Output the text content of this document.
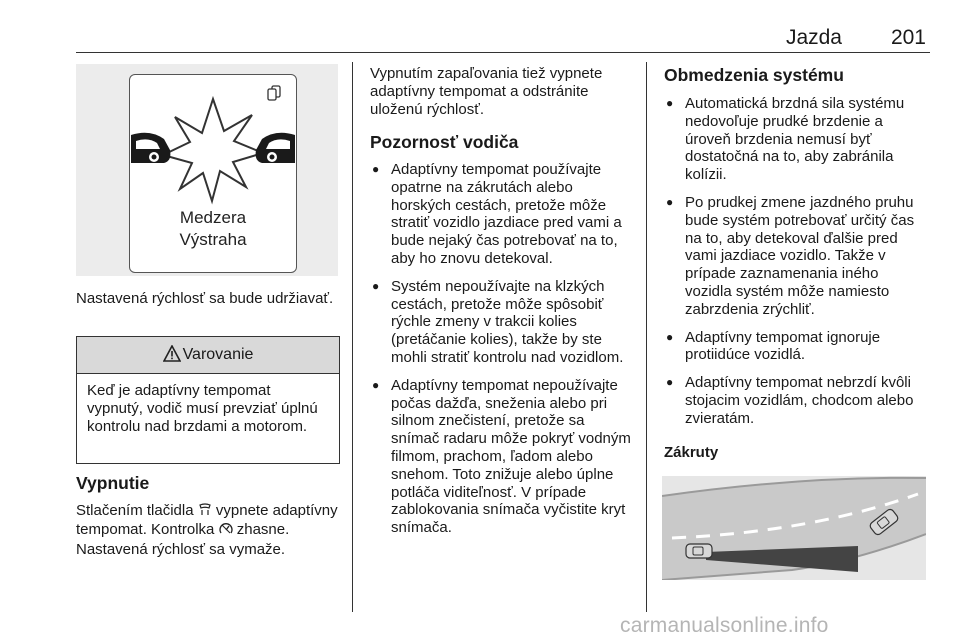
Jazda 201
Medzera
Výstraha
Nastavená rýchlosť sa bude udržiavať.
Varovanie
Keď je adaptívny tempomat vypnutý, vodič musí prevziať úplnú kontrolu nad brzdami a motorom.
Vypnutie
Stlačením tlačidla  vypnete adaptívny tempomat. Kontrolka  zhasne. Nastavená rýchlosť sa vymaže.
Vypnutím zapaľovania tiež vypnete adaptívny tempomat a odstránite uloženú rýchlosť.
Pozornosť vodiča
● Adaptívny tempomat používajte opatrne na zákrutách alebo horských cestách, pretože môže stratiť vozidlo jazdiace pred vami a bude nejaký čas potrebovať na to, aby ho znovu detekoval.
● Systém nepoužívajte na klzkých cestách, pretože môže spôsobiť rýchle zmeny v trakcii kolies (pretáčanie kolies), takže by ste mohli stratiť kontrolu nad vozidlom.
● Adaptívny tempomat nepoužívajte počas dažďa, sneženia alebo pri silnom znečistení, pretože sa snímač radaru môže pokryť vodným filmom, prachom, ľadom alebo snehom. Toto znižuje alebo úplne potláča viditeľnosť. V prípade zablokovania snímača vyčistite kryt snímača.
Obmedzenia systému
● Automatická brzdná sila systému nedovoľuje prudké brzdenie a úroveň brzdenia nemusí byť dostatočná na to, aby zabránila kolízii.
● Po prudkej zmene jazdného pruhu bude systém potrebovať určitý čas na to, aby detekoval ďalšie pred vami jazdiace vozidlo. Takže v prípade zaznamenania iného vozidla systém môže namiesto zabrzdenia zrýchliť.
● Adaptívny tempomat ignoruje protiidúce vozidlá.
● Adaptívny tempomat nebrzdí kvôli stojacim vozidlám, chodcom alebo zvieratám.
Zákruty
carmanualsonline.info
